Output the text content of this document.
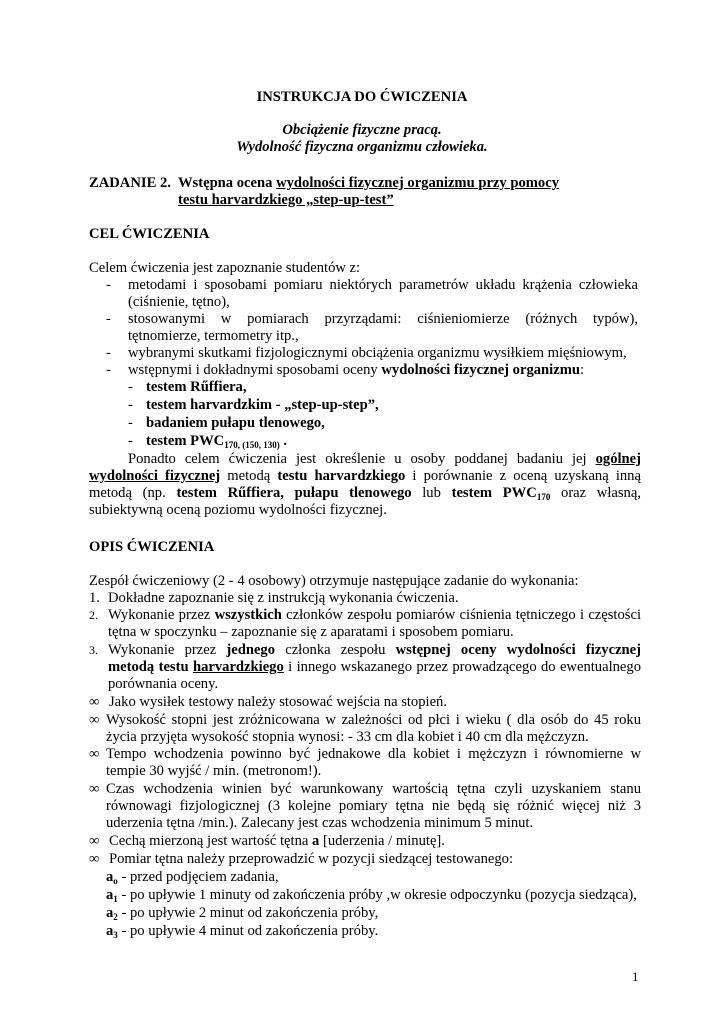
INSTRUKCJA DO ĆWICZENIA
Obciążenie fizyczne pracą.
Wydolność fizyczna organizmu człowieka.
ZADANIE 2. Wstępna ocena wydolności fizycznej organizmu przy pomocy
testu harvardzkiego „step-up-test”
CEL ĆWICZENIA
Celem ćwiczenia jest zapoznanie studentów z:
- metodami i sposobami pomiaru niektórych parametrów układu krążenia człowieka
(ciśnienie, tętno),
- stosowanymi w pomiarach przyrządami: ciśnieniomierze (różnych typów),
tętnomierze, termometry itp.,
- wybranymi skutkami fizjologicznymi obciążenia organizmu wysiłkiem mięśniowym,
- wstępnymi i dokładnymi sposobami oceny wydolności fizycznej organizmu:
- testem Rűffiera,
- testem harvardzkim - „step-up-step”,
- badaniem pułapu tlenowego,
- testem $PWC_{170, (150, 130)}$ .
Ponadto celem ćwiczenia jest określenie u osoby poddanej badaniu jej ogólnej
wydolności fizycznej metodą testu harvardzkiego i porównanie z oceną uzyskaną inną
metodą (np. testem Rűffiera, pułapu tlenowego lub testem $PWC_{170}$ oraz własną,
subiektywną oceną poziomu wydolności fizycznej.
OPIS ĆWICZENIA
Zespół ćwiczeniowy (2 - 4 osobowy) otrzymuje następujące zadanie do wykonania:
1. Dokładne zapoznanie się z instrukcją wykonania ćwiczenia.
2. Wykonanie przez wszystkich członków zespołu pomiarów ciśnienia tętniczego i częstości
tętna w spoczynku – zapoznanie się z aparatami i sposobem pomiaru.
3. Wykonanie przez jednego członka zespołu wstępnej oceny wydolności fizycznej
metodą testu harvardzkiego i innego wskazanego przez prowadzącego do ewentualnego
porównania oceny.
∞ Jako wysiłek testowy należy stosować wejścia na stopień.
∞ Wysokość stopni jest zróżnicowana w zależności od płci i wieku ( dla osób do 45 roku
życia przyjęta wysokość stopnia wynosi: - 33 cm dla kobiet i 40 cm dla mężczyzn.
∞ Tempo wchodzenia powinno być jednakowe dla kobiet i mężczyzn i równomierne w
tempie 30 wyjść / min. (metronom!).
∞ Czas wchodzenia winien być warunkowany wartością tętna czyli uzyskaniem stanu
równowagi fizjologicznej (3 kolejne pomiary tętna nie będą się różnić więcej niż 3
uderzenia tętna /min.). Zalecany jest czas wchodzenia minimum 5 minut.
∞ Cechą mierzoną jest wartość tętna a [uderzenia / minutę].
∞ Pomiar tętna należy przeprowadzić w pozycji siedzącej testowanego:
$a_o$ - przed podjęciem zadania,
$a_1$ - po upływie 1 minuty od zakończenia próby ,w okresie odpoczynku (pozycja siedząca),
$a_2$ - po upływie 2 minut od zakończenia próby,
$a_3$ - po upływie 4 minut od zakończenia próby.
1
